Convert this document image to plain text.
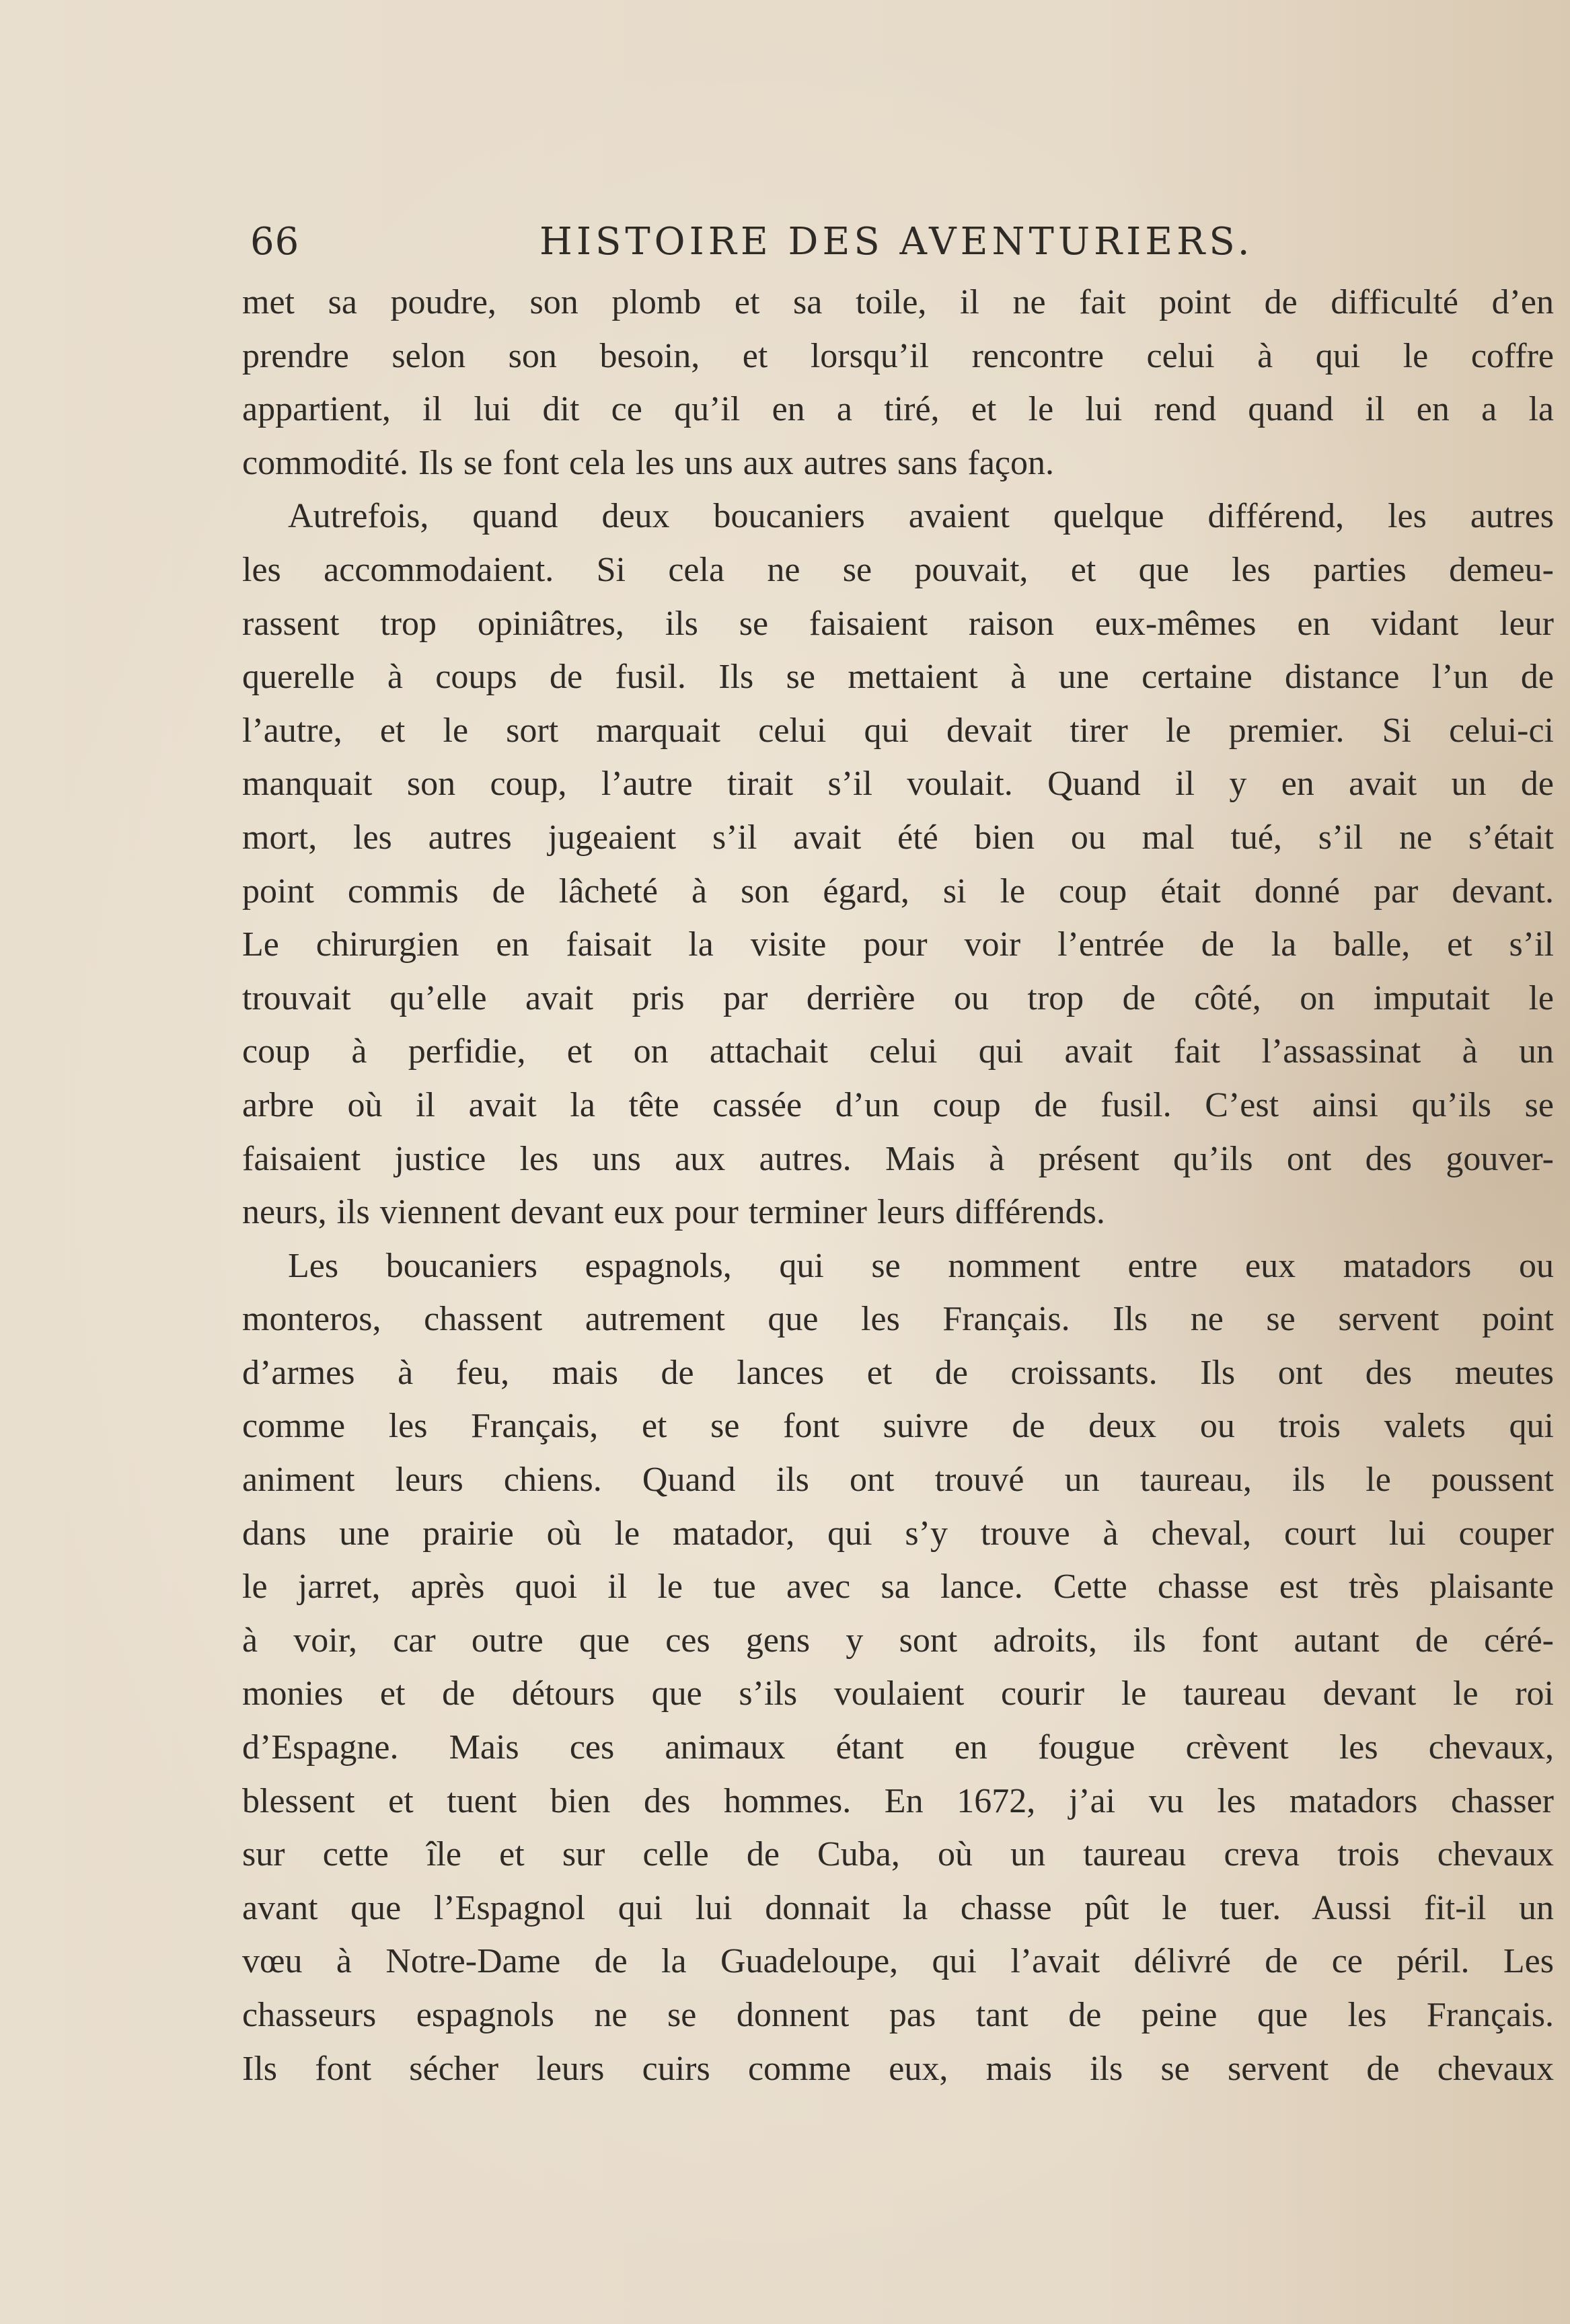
66	HISTOIRE DES AVENTURIERS.
met sa poudre, son plomb et sa toile, il ne fait point de difficulté d’en
prendre selon son besoin, et lorsqu’il rencontre celui à qui le coffre
appartient, il lui dit ce qu’il en a tiré, et le lui rend quand il en a la
commodité. Ils se font cela les uns aux autres sans façon.
Autrefois, quand deux boucaniers avaient quelque différend, les autres
les accommodaient. Si cela ne se pouvait, et que les parties demeu-
rassent trop opiniâtres, ils se faisaient raison eux-mêmes en vidant leur
querelle à coups de fusil. Ils se mettaient à une certaine distance l’un de
l’autre, et le sort marquait celui qui devait tirer le premier. Si celui-ci
manquait son coup, l’autre tirait s’il voulait. Quand il y en avait un de
mort, les autres jugeaient s’il avait été bien ou mal tué, s’il ne s’était
point commis de lâcheté à son égard, si le coup était donné par devant.
Le chirurgien en faisait la visite pour voir l’entrée de la balle, et s’il
trouvait qu’elle avait pris par derrière ou trop de côté, on imputait le
coup à perfidie, et on attachait celui qui avait fait l’assassinat à un
arbre où il avait la tête cassée d’un coup de fusil. C’est ainsi qu’ils se
faisaient justice les uns aux autres. Mais à présent qu’ils ont des gouver-
neurs, ils viennent devant eux pour terminer leurs différends.
Les boucaniers espagnols, qui se nomment entre eux matadors ou
monteros, chassent autrement que les Français. Ils ne se servent point
d’armes à feu, mais de lances et de croissants. Ils ont des meutes
comme les Français, et se font suivre de deux ou trois valets qui
animent leurs chiens. Quand ils ont trouvé un taureau, ils le poussent
dans une prairie où le matador, qui s’y trouve à cheval, court lui couper
le jarret, après quoi il le tue avec sa lance. Cette chasse est très plaisante
à voir, car outre que ces gens y sont adroits, ils font autant de céré-
monies et de détours que s’ils voulaient courir le taureau devant le roi
d’Espagne. Mais ces animaux étant en fougue crèvent les chevaux,
blessent et tuent bien des hommes. En 1672, j’ai vu les matadors chasser
sur cette île et sur celle de Cuba, où un taureau creva trois chevaux
avant que l’Espagnol qui lui donnait la chasse pût le tuer. Aussi fit-il un
vœu à Notre-Dame de la Guadeloupe, qui l’avait délivré de ce péril. Les
chasseurs espagnols ne se donnent pas tant de peine que les Français.
Ils font sécher leurs cuirs comme eux, mais ils se servent de chevaux
